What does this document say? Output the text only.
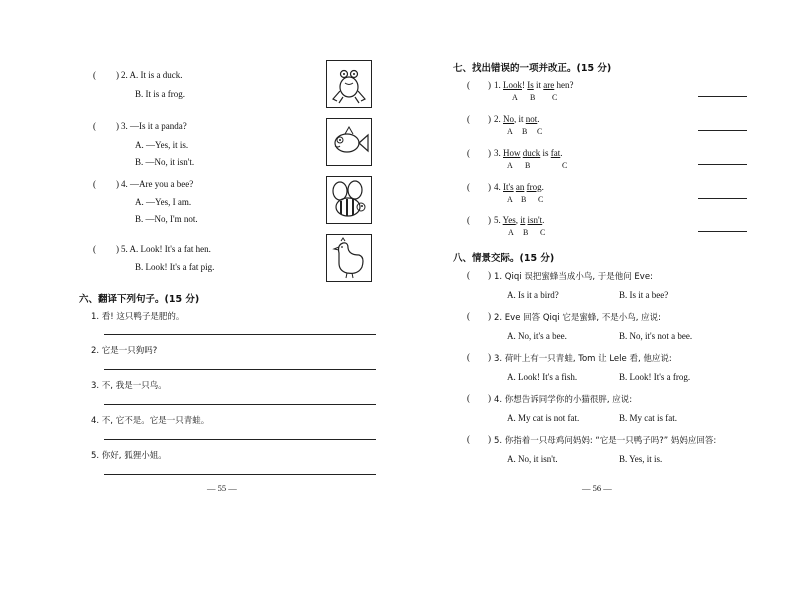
( ) 2. A. It is a duck.
B. It is a frog.
( ) 3. —Is it a panda?
A. —Yes, it is.
B. —No, it isn't.
( ) 4. —Are you a bee?
A. —Yes, I am.
B. —No, I'm not.
( ) 5. A. Look! It's a fat hen.
B. Look! It's a fat pig.
六、翻译下列句子。(15 分)
1. 看! 这只鸭子是肥的。
2. 它是一只狗吗?
3. 不, 我是一只鸟。
4. 不, 它不是。它是一只青蛙。
5. 你好, 狐狸小姐。
— 55 —
七、找出错误的一项并改正。(15 分)
( ) 1. Look! Is it are hen?
A B C
( ) 2. No, it not.
A B C
( ) 3. How duck is fat.
A B	C
( ) 4. It's an frog.
A B C
( ) 5. Yes, it isn't.
A B C
八、情景交际。(15 分)
( ) 1. Qiqi 误把蜜蜂当成小鸟, 于是他问 Eve:
A. Is it a bird?	B. Is it a bee?
( ) 2. Eve 回答 Qiqi 它是蜜蜂, 不是小鸟, 应说:
A. No, it's a bee.	B. No, it's not a bee.
( ) 3. 荷叶上有一只青蛙, Tom 让 Lele 看, 他应说:
A. Look! It's a fish.	B. Look! It's a frog.
( ) 4. 你想告诉同学你的小猫很胖, 应说:
A. My cat is not fat.	B. My cat is fat.
( ) 5. 你指着一只母鸡问妈妈: “它是一只鸭子吗?” 妈妈应回答:
A. No, it isn't.	B. Yes, it is.
— 56 —
